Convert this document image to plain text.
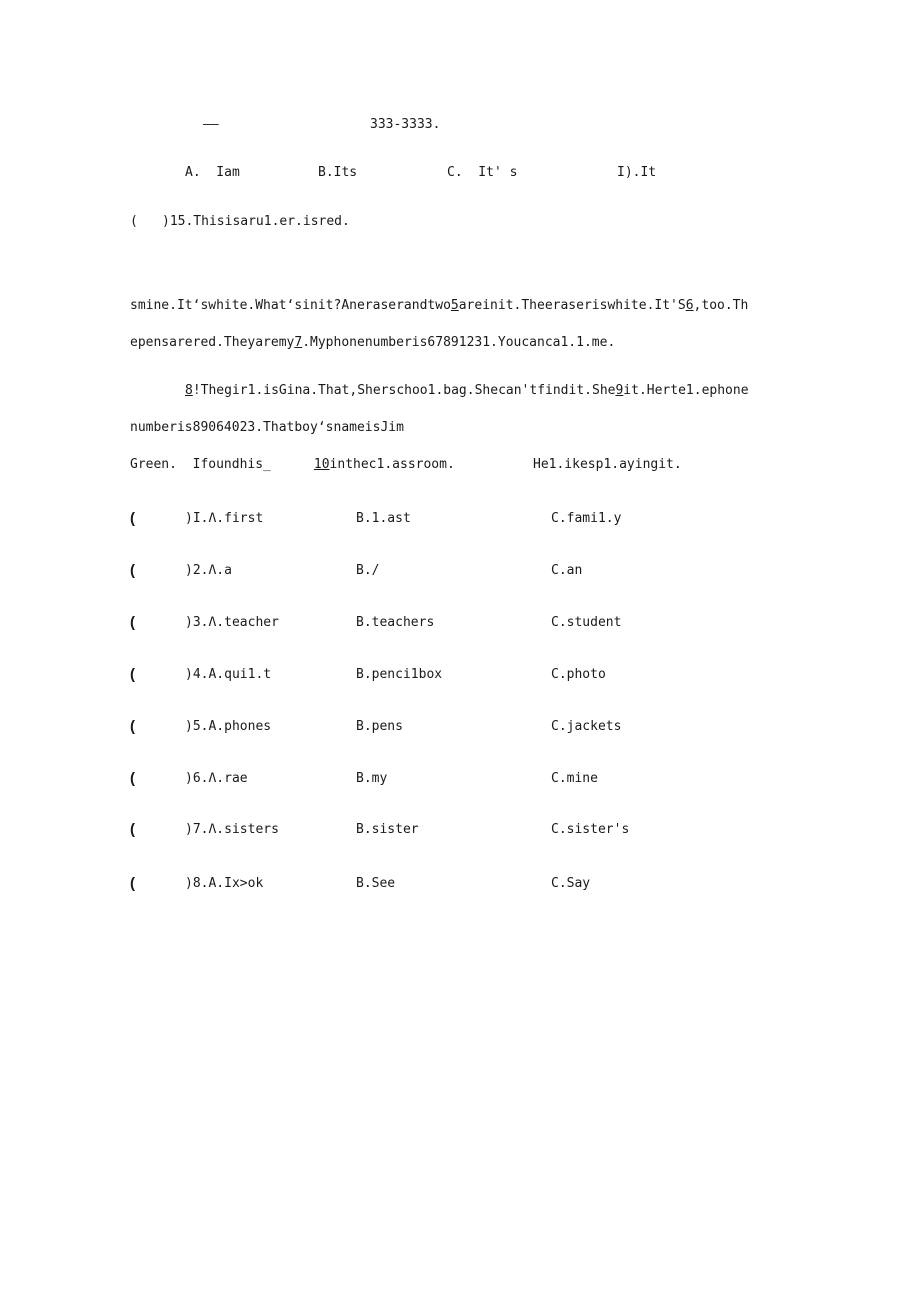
——	333-3333.
A.  Iam	B.Its	C.  It' s	I).It
( )15.Thisisaru1.er.isred.
smine.It‘swhite.What‘sinit?Aneraserandtwo5areinit.Theeraseriswhite.It'S6,too.Th
epensarered.Theyaremy7.Myphonenumberis67891231.Youcanca1.1.me.
8!Thegir1.isGina.That,Sherschoo1.bag.Shecan'tfindit.She9it.Herte1.ephone
numberis89064023.Thatboy‘snameisJim
Green.  Ifoundhis_	10inthec1.assroom.	He1.ikesp1.ayingit.
(	)I.Λ.first	B.1.ast	C.fami1.y
(	)2.Λ.a	B./	C.an
(	)3.Λ.teacher	B.teachers	C.student
(	)4.A.qui1.t	B.penci1box	C.photo
(	)5.A.phones	B.pens	C.jackets
(	)6.Λ.rae	B.my	C.mine
(	)7.Λ.sisters	B.sister	C.sister's
(	)8.A.Ix>ok	B.See	C.Say
